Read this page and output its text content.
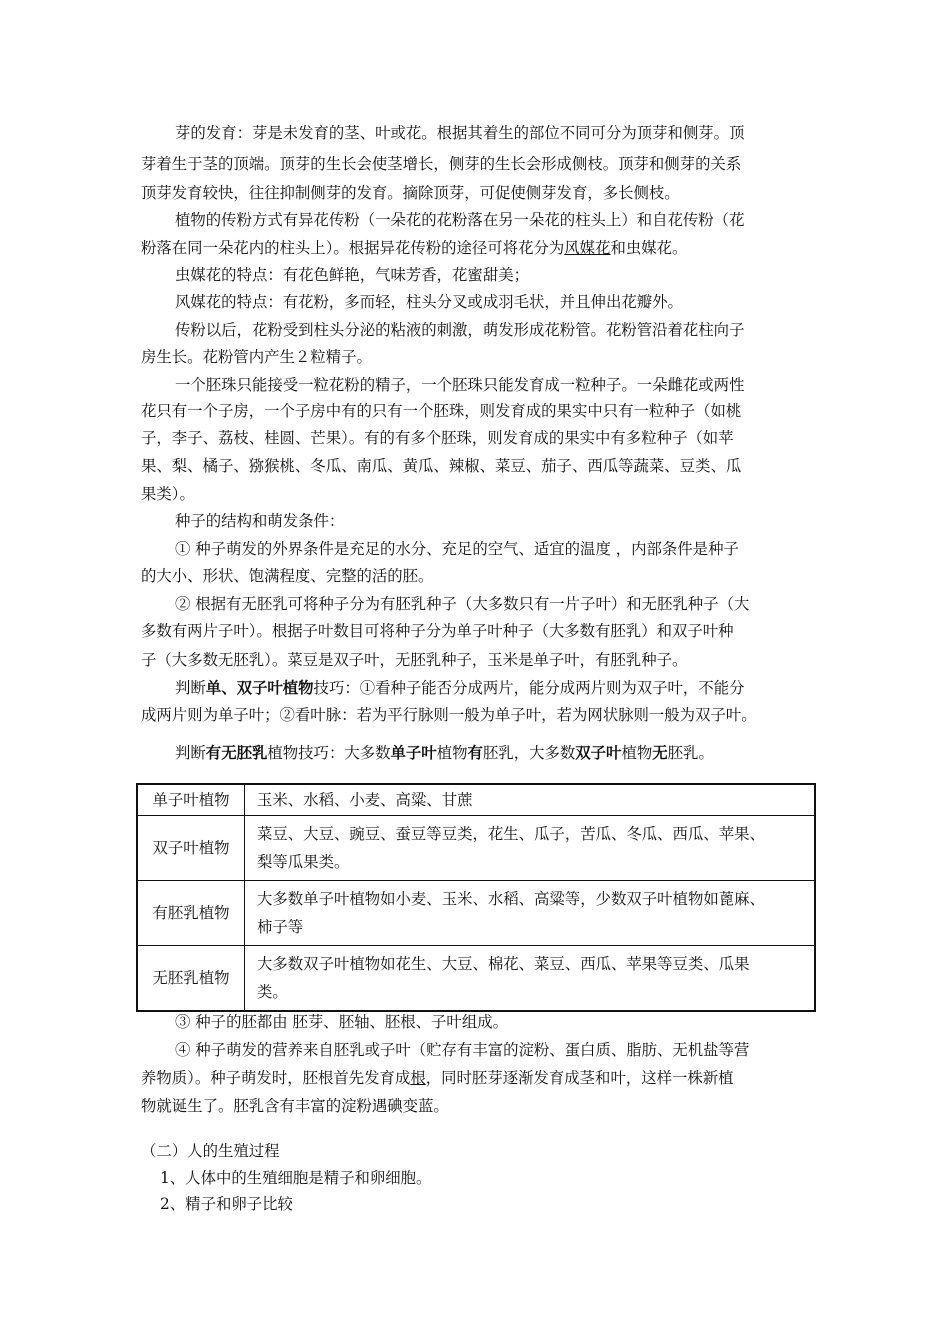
芽的发育：芽是未发育的茎、叶或花。根据其着生的部位不同可分为顶芽和侧芽。顶
芽着生于茎的顶端。顶芽的生长会使茎增长，侧芽的生长会形成侧枝。顶芽和侧芽的关系
顶芽发育较快，往往抑制侧芽的发育。摘除顶芽，可促使侧芽发育，多长侧枝。
植物的传粉方式有异花传粉（一朵花的花粉落在另一朵花的柱头上）和自花传粉（花
粉落在同一朵花内的柱头上）。根据异花传粉的途径可将花分为风媒花和虫媒花。
虫媒花的特点：有花色鲜艳，气味芳香，花蜜甜美；
风媒花的特点：有花粉，多而轻，柱头分叉或成羽毛状，并且伸出花瓣外。
传粉以后，花粉受到柱头分泌的粘液的刺激，萌发形成花粉管。花粉管沿着花柱向子
房生长。花粉管内产生２粒精子。
一个胚珠只能接受一粒花粉的精子，一个胚珠只能发育成一粒种子。一朵雌花或两性
花只有一个子房，一个子房中有的只有一个胚珠，则发育成的果实中只有一粒种子（如桃
子，李子、荔枝、桂圆、芒果）。有的有多个胚珠，则发育成的果实中有多粒种子（如苹
果、梨、橘子、猕猴桃、冬瓜、南瓜、黄瓜、辣椒、菜豆、茄子、西瓜等蔬菜、豆类、瓜
果类）。
种子的结构和萌发条件：
① 种子萌发的外界条件是充足的水分、充足的空气、适宜的温度 ，内部条件是种子
的大小、形状、饱满程度、完整的活的胚。
② 根据有无胚乳可将种子分为有胚乳种子（大多数只有一片子叶）和无胚乳种子（大
多数有两片子叶）。根据子叶数目可将种子分为单子叶种子（大多数有胚乳）和双子叶种
子（大多数无胚乳）。菜豆是双子叶，无胚乳种子，玉米是单子叶，有胚乳种子。
判断单、双子叶植物技巧：①看种子能否分成两片，能分成两片则为双子叶，不能分
成两片则为单子叶；②看叶脉：若为平行脉则一般为单子叶，若为网状脉则一般为双子叶。
判断有无胚乳植物技巧：大多数单子叶植物有胚乳，大多数双子叶植物无胚乳。
单子叶植物	玉米、水稻、小麦、高粱、甘蔗

双子叶植物	菜豆、大豆、豌豆、蚕豆等豆类，花生、瓜子，苦瓜、冬瓜、西瓜、苹果、
梨等瓜果类。

有胚乳植物	大多数单子叶植物如小麦、玉米、水稻、高粱等，少数双子叶植物如蓖麻、
柿子等

无胚乳植物	大多数双子叶植物如花生、大豆、棉花、菜豆、西瓜、苹果等豆类、瓜果
类。
③ 种子的胚都由 胚芽、胚轴、胚根、子叶组成。
④ 种子萌发的营养来自胚乳或子叶（贮存有丰富的淀粉、蛋白质、脂肪、无机盐等营
养物质）。种子萌发时，胚根首先发育成根，同时胚芽逐渐发育成茎和叶，这样一株新植
物就诞生了。胚乳含有丰富的淀粉遇碘变蓝。
（二）人的生殖过程
1、人体中的生殖细胞是精子和卵细胞。
2、精子和卵子比较
